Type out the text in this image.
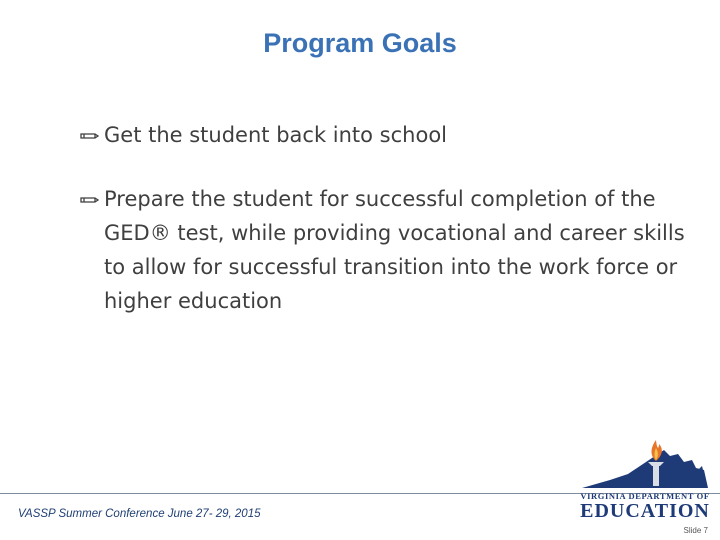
Program Goals
Get the student back into school
Prepare the student for successful completion of the GED® test, while providing vocational and career skills to allow for successful transition into the work force or higher education
VASSP Summer Conference June 27- 29, 2015
VIRGINIA DEPARTMENT OF
EDUCATION
Slide 7
